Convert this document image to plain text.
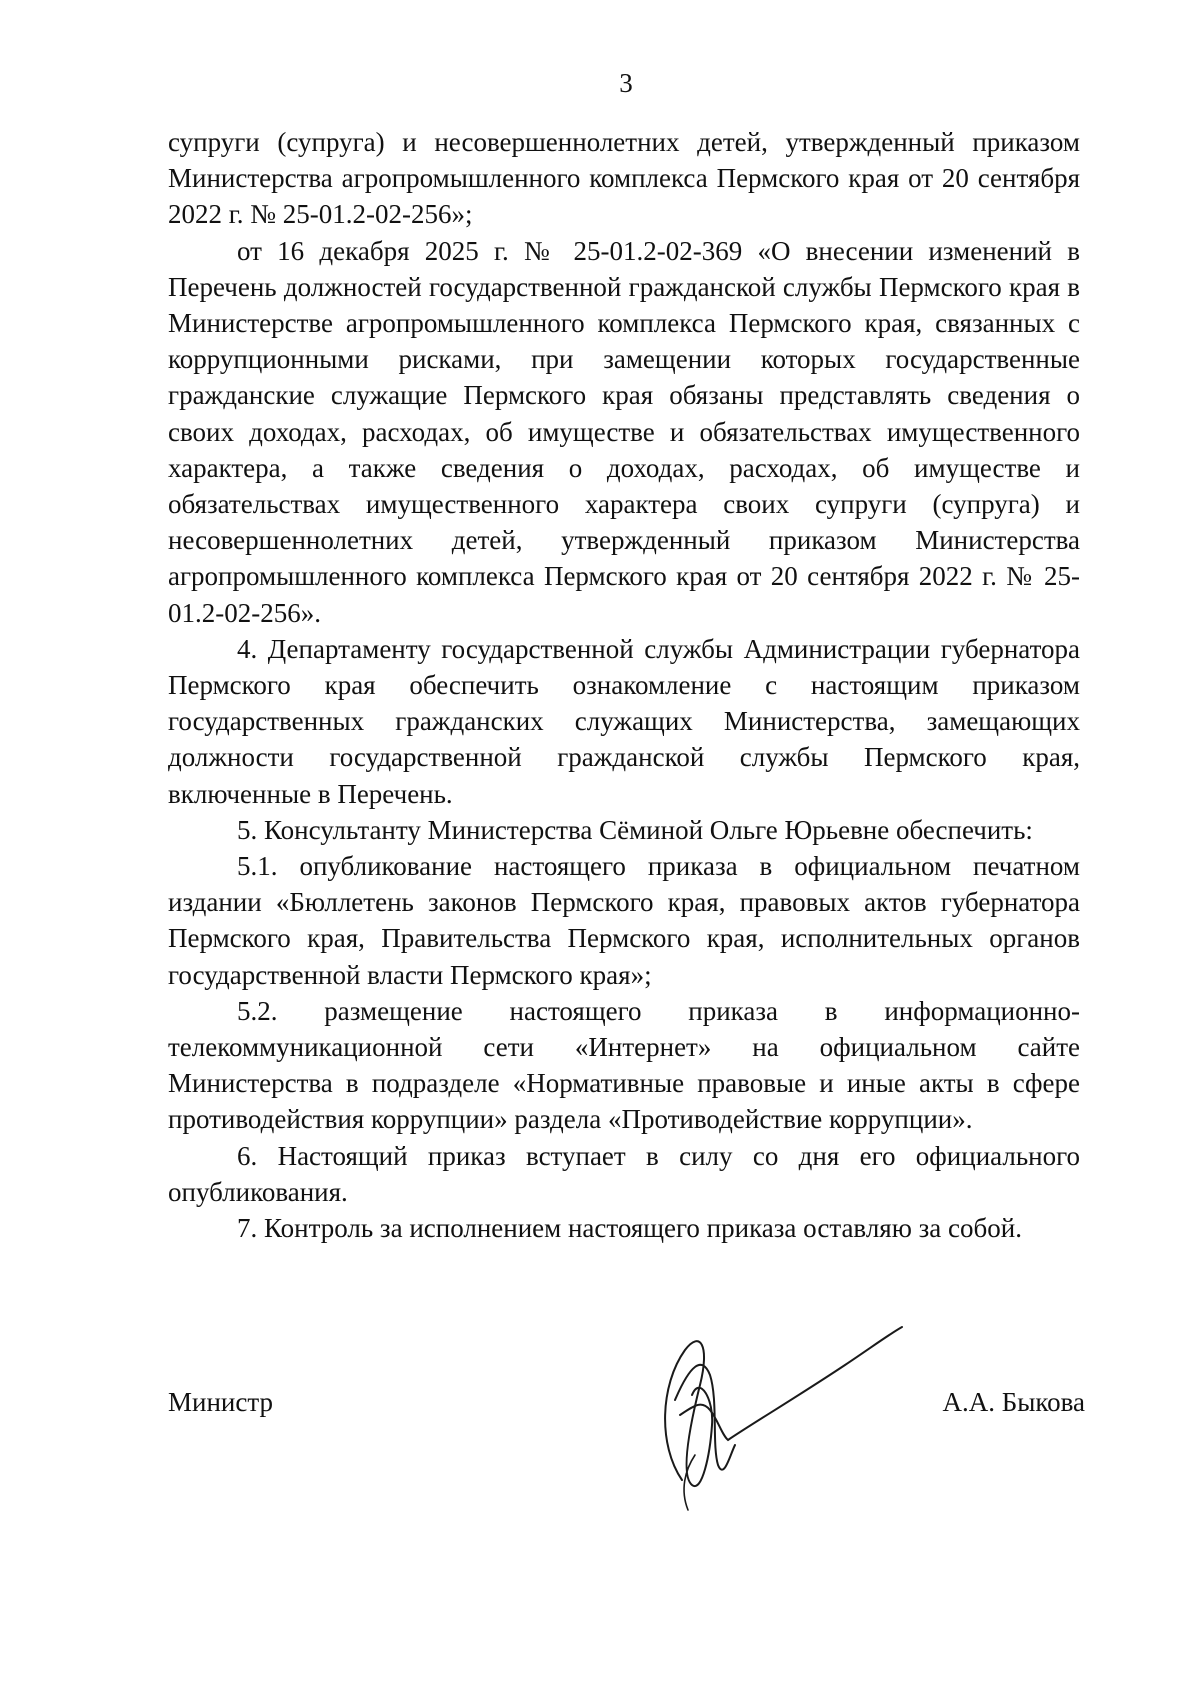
3

супруги (супруга) и несовершеннолетних детей, утвержденный приказом Министерства агропромышленного комплекса Пермского края от 20 сентября 2022 г. № 25-01.2-02-256»;

от 16 декабря 2025 г. № 25-01.2-02-369 «О внесении изменений в Перечень должностей государственной гражданской службы Пермского края в Министерстве агропромышленного комплекса Пермского края, связанных с коррупционными рисками, при замещении которых государственные гражданские служащие Пермского края обязаны представлять сведения о своих доходах, расходах, об имуществе и обязательствах имущественного характера, а также сведения о доходах, расходах, об имуществе и обязательствах имущественного характера своих супруги (супруга) и несовершеннолетних детей, утвержденный приказом Министерства агропромышленного комплекса Пермского края от 20 сентября 2022 г. № 25-01.2-02-256».

4. Департаменту государственной службы Администрации губернатора Пермского края обеспечить ознакомление с настоящим приказом государственных гражданских служащих Министерства, замещающих должности государственной гражданской службы Пермского края, включенные в Перечень.

5. Консультанту Министерства Сёминой Ольге Юрьевне обеспечить:

5.1. опубликование настоящего приказа в официальном печатном издании «Бюллетень законов Пермского края, правовых актов губернатора Пермского края, Правительства Пермского края, исполнительных органов государственной власти Пермского края»;

5.2. размещение настоящего приказа в информационно-телекоммуникационной сети «Интернет» на официальном сайте Министерства в подразделе «Нормативные правовые и иные акты в сфере противодействия коррупции» раздела «Противодействие коррупции».

6. Настоящий приказ вступает в силу со дня его официального опубликования.

7. Контроль за исполнением настоящего приказа оставляю за собой.

Министр	А.А. Быкова
